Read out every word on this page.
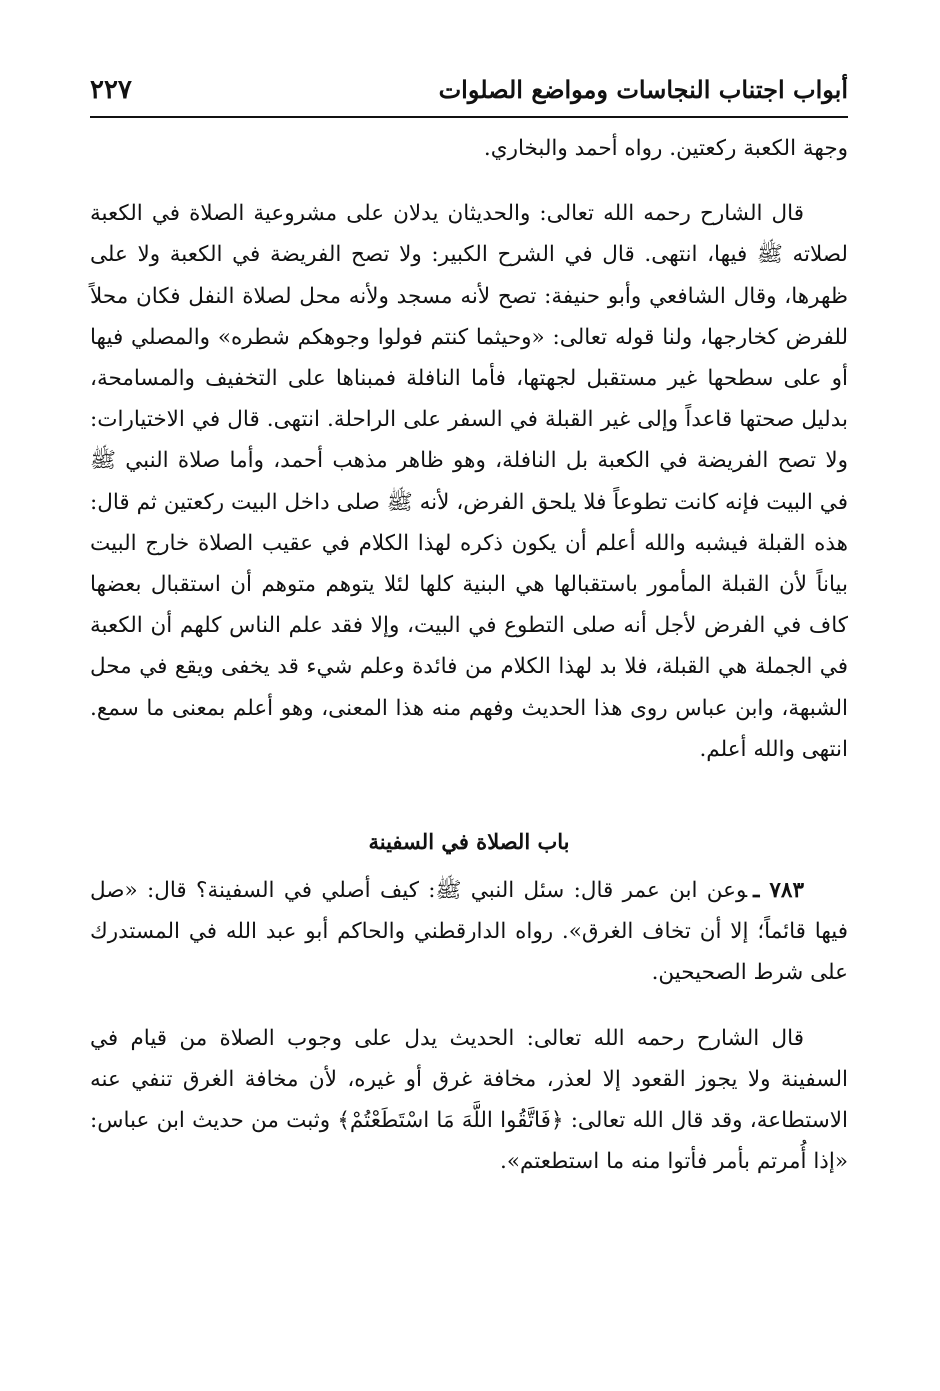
أبواب اجتناب النجاسات ومواضع الصلوات
٢٢٧

وجهة الكعبة ركعتين. رواه أحمد والبخاري.

قال الشارح رحمه الله تعالى: والحديثان يدلان على مشروعية الصلاة في الكعبة لصلاته ﷺ فيها، انتهى. قال في الشرح الكبير: ولا تصح الفريضة في الكعبة ولا على ظهرها، وقال الشافعي وأبو حنيفة: تصح لأنه مسجد ولأنه محل لصلاة النفل فكان محلاً للفرض كخارجها، ولنا قوله تعالى: «وحيثما كنتم فولوا وجوهكم شطره» والمصلي فيها أو على سطحها غير مستقبل لجهتها، فأما النافلة فمبناها على التخفيف والمسامحة، بدليل صحتها قاعداً وإلى غير القبلة في السفر على الراحلة. انتهى. قال في الاختيارات: ولا تصح الفريضة في الكعبة بل النافلة، وهو ظاهر مذهب أحمد، وأما صلاة النبي ﷺ في البيت فإنه كانت تطوعاً فلا يلحق الفرض، لأنه ﷺ صلى داخل البيت ركعتين ثم قال: هذه القبلة فيشبه والله أعلم أن يكون ذكره لهذا الكلام في عقيب الصلاة خارج البيت بياناً لأن القبلة المأمور باستقبالها هي البنية كلها لئلا يتوهم متوهم أن استقبال بعضها كاف في الفرض لأجل أنه صلى التطوع في البيت، وإلا فقد علم الناس كلهم أن الكعبة في الجملة هي القبلة، فلا بد لهذا الكلام من فائدة وعلم شيء قد يخفى ويقع في محل الشبهة، وابن عباس روى هذا الحديث وفهم منه هذا المعنى، وهو أعلم بمعنى ما سمع. انتهى والله أعلم.

باب الصلاة في السفينة

٧٨٣ ـوعن ابن عمر قال: سئل النبي ﷺ: كيف أصلي في السفينة؟ قال: «صل فيها قائماً؛ إلا أن تخاف الغرق». رواه الدارقطني والحاكم أبو عبد الله في المستدرك على شرط الصحيحين.

قال الشارح رحمه الله تعالى: الحديث يدل على وجوب الصلاة من قيام في السفينة ولا يجوز القعود إلا لعذر، مخافة غرق أو غيره، لأن مخافة الغرق تنفي عنه الاستطاعة، وقد قال الله تعالى: ﴿فَاتَّقُوا اللَّهَ مَا اسْتَطَعْتُمْ﴾ وثبت من حديث ابن عباس: «إذا أُمرتم بأمر فأتوا منه ما استطعتم».
